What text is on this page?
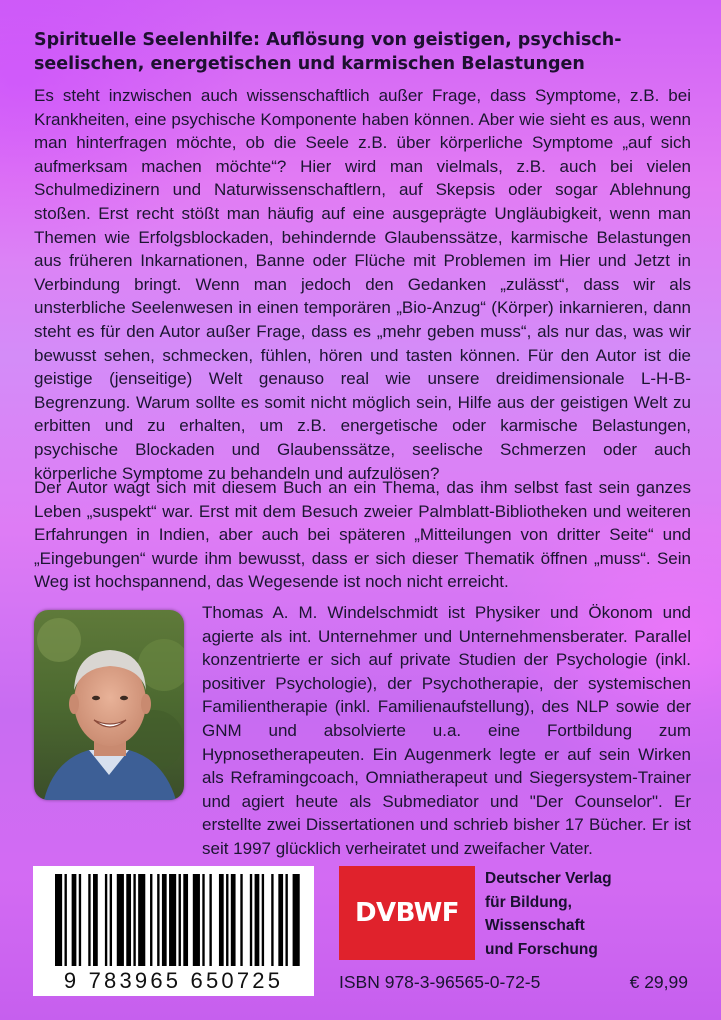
Spirituelle Seelenhilfe: Auflösung von geistigen, psychisch-seelischen, energetischen und karmischen Belastungen

Es steht inzwischen auch wissenschaftlich außer Frage, dass Symptome, z.B. bei Krankheiten, eine psychische Komponente haben können. Aber wie sieht es aus, wenn man hinterfragen möchte, ob die Seele z.B. über körperliche Symptome „auf sich aufmerksam machen möchte“? Hier wird man vielmals, z.B. auch bei vielen Schulmedizinern und Naturwissenschaftlern, auf Skepsis oder sogar Ablehnung stoßen. Erst recht stößt man häufig auf eine ausgeprägte Ungläubigkeit, wenn man Themen wie Erfolgsblockaden, behindernde Glaubenssätze, karmische Belastungen aus früheren Inkarnationen, Banne oder Flüche mit Problemen im Hier und Jetzt in Verbindung bringt. Wenn man jedoch den Gedanken „zulässt“, dass wir als unsterbliche Seelenwesen in einen temporären „Bio-Anzug“ (Körper) inkarnieren, dann steht es für den Autor außer Frage, dass es „mehr geben muss“, als nur das, was wir bewusst sehen, schmecken, fühlen, hören und tasten können. Für den Autor ist die geistige (jenseitige) Welt genauso real wie unsere dreidimensionale L-H-B-Begrenzung. Warum sollte es somit nicht möglich sein, Hilfe aus der geistigen Welt zu erbitten und zu erhalten, um z.B. energetische oder karmische Belastungen, psychische Blockaden und Glaubenssätze, seelische Schmerzen oder auch körperliche Symptome zu behandeln und aufzulösen?

Der Autor wagt sich mit diesem Buch an ein Thema, das ihm selbst fast sein ganzes Leben „suspekt“ war. Erst mit dem Besuch zweier Palmblatt-Bibliotheken und weiteren Erfahrungen in Indien, aber auch bei späteren „Mitteilungen von dritter Seite“ und „Eingebungen“ wurde ihm bewusst, dass er sich dieser Thematik öffnen „muss“. Sein Weg ist hochspannend, das Wegesende ist noch nicht erreicht.

Thomas A. M. Windelschmidt ist Physiker und Ökonom und agierte als int. Unternehmer und Unternehmensberater. Parallel konzentrierte er sich auf private Studien der Psychologie (inkl. positiver Psychologie), der Psychotherapie, der systemischen Familientherapie (inkl. Familienaufstellung), des NLP sowie der GNM und absolvierte u.a. eine Fortbildung zum Hypnosetherapeuten. Ein Augenmerk legte er auf sein Wirken als Reframingcoach, Omniatherapeut und Siegersystem-Trainer und agiert heute als Submediator und "Der Counselor". Er erstellte zwei Dissertationen und schrieb bisher 17 Bücher. Er ist seit 1997 glücklich verheiratet und zweifacher Vater.

9 783965 650725
DVBWF
Deutscher Verlag
für Bildung,
Wissenschaft
und Forschung
ISBN 978-3-96565-0-72-5	€ 29,99
